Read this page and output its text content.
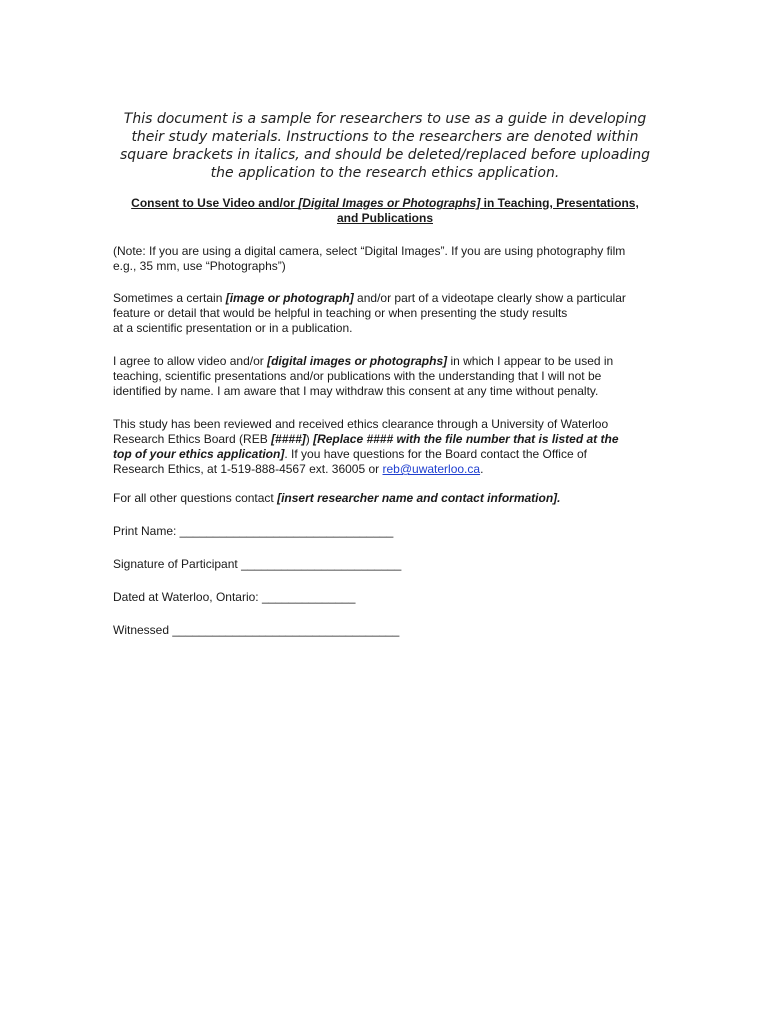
This document is a sample for researchers to use as a guide in developing
their study materials. Instructions to the researchers are denoted within
square brackets in italics, and should be deleted/replaced before uploading
the application to the research ethics application.
Consent to Use Video and/or [Digital Images or Photographs] in Teaching, Presentations,
and Publications
(Note: If you are using a digital camera, select “Digital Images”. If you are using photography film
e.g., 35 mm, use “Photographs”)
Sometimes a certain [image or photograph] and/or part of a videotape clearly show a particular
feature or detail that would be helpful in teaching or when presenting the study results
at a scientific presentation or in a publication.
I agree to allow video and/or [digital images or photographs] in which I appear to be used in
teaching, scientific presentations and/or publications with the understanding that I will not be
identified by name. I am aware that I may withdraw this consent at any time without penalty.
This study has been reviewed and received ethics clearance through a University of Waterloo
Research Ethics Board (REB [####]) [Replace #### with the file number that is listed at the
top of your ethics application]. If you have questions for the Board contact the Office of
Research Ethics, at 1-519-888-4567 ext. 36005 or reb@uwaterloo.ca.
For all other questions contact [insert researcher name and contact information].
Print Name: ________________________________
Signature of Participant ________________________
Dated at Waterloo, Ontario: ______________
Witnessed __________________________________
